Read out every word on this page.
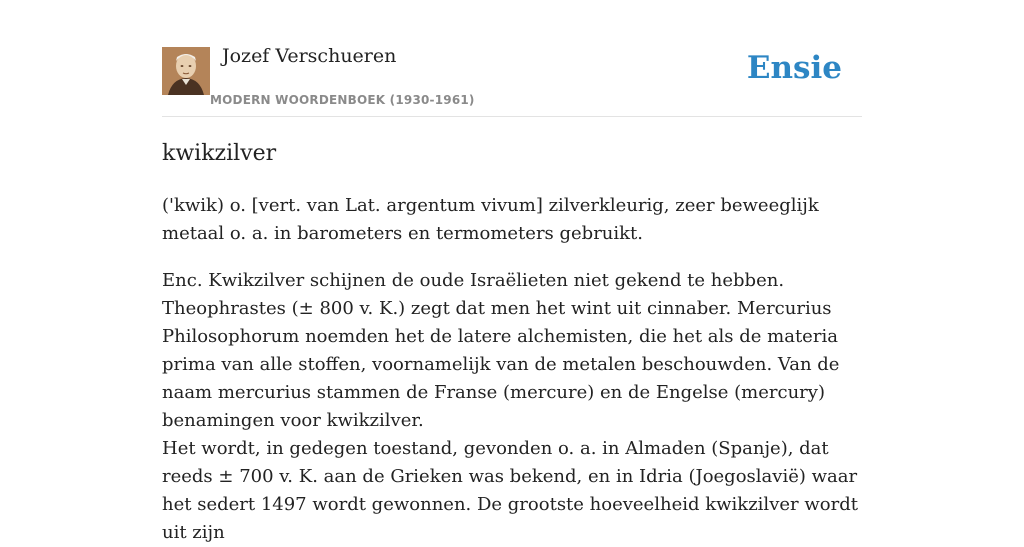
Jozef Verschueren
MODERN WOORDENBOEK (1930-1961)
Ensie
kwikzilver

('kwik) o. [vert. van Lat. argentum vivum] zilverkleurig, zeer beweeglijk metaal o. a. in barometers en termometers gebruikt.

Enc. Kwikzilver schijnen de oude Israëlieten niet gekend te hebben. Theophrastes (± 800 v. K.) zegt dat men het wint uit cinnaber. Mercurius Philosophorum noemden het de latere alchemisten, die het als de materia prima van alle stoffen, voornamelijk van de metalen beschouwden. Van de naam mercurius stammen de Franse (mercure) en de Engelse (mercury) benamingen voor kwikzilver.

Het wordt, in gedegen toestand, gevonden o. a. in Almaden (Spanje), dat reeds ± 700 v. K. aan de Grieken was bekend, en in Idria (Joegoslavië) waar het sedert 1497 wordt gewonnen. De grootste hoeveelheid kwikzilver wordt uit zijn
